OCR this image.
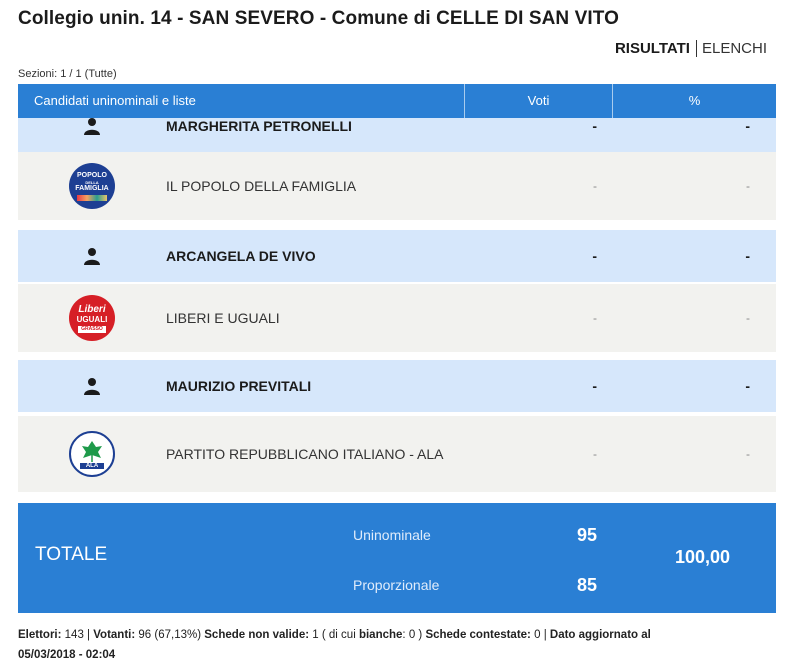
Collegio unin. 14 - SAN SEVERO - Comune di CELLE DI SAN VITO
RISULTATI ELENCHI
Sezioni: 1 / 1 (Tutte)
Candidati uninominali e liste	Voti	%
MARGHERITA PETRONELLI	-	-
POPOLO
DELLA
FAMIGLIA	IL POPOLO DELLA FAMIGLIA	-	-
ARCANGELA DE VIVO	-	-
Liberi
UGUALI
GRASSO
LIBERI E UGUALI	-	-
MAURIZIO PREVITALI	-	-
ALA
PARTITO REPUBBLICANO ITALIANO - ALA	-	-
TOTALE
Uninominale	95
Proporzionale	85
100,00
Elettori: 143 | Votanti: 96 (67,13%) Schede non valide: 1 ( di cui bianche: 0 ) Schede contestate: 0 | Dato aggiornato al
05/03/2018 - 02:04
